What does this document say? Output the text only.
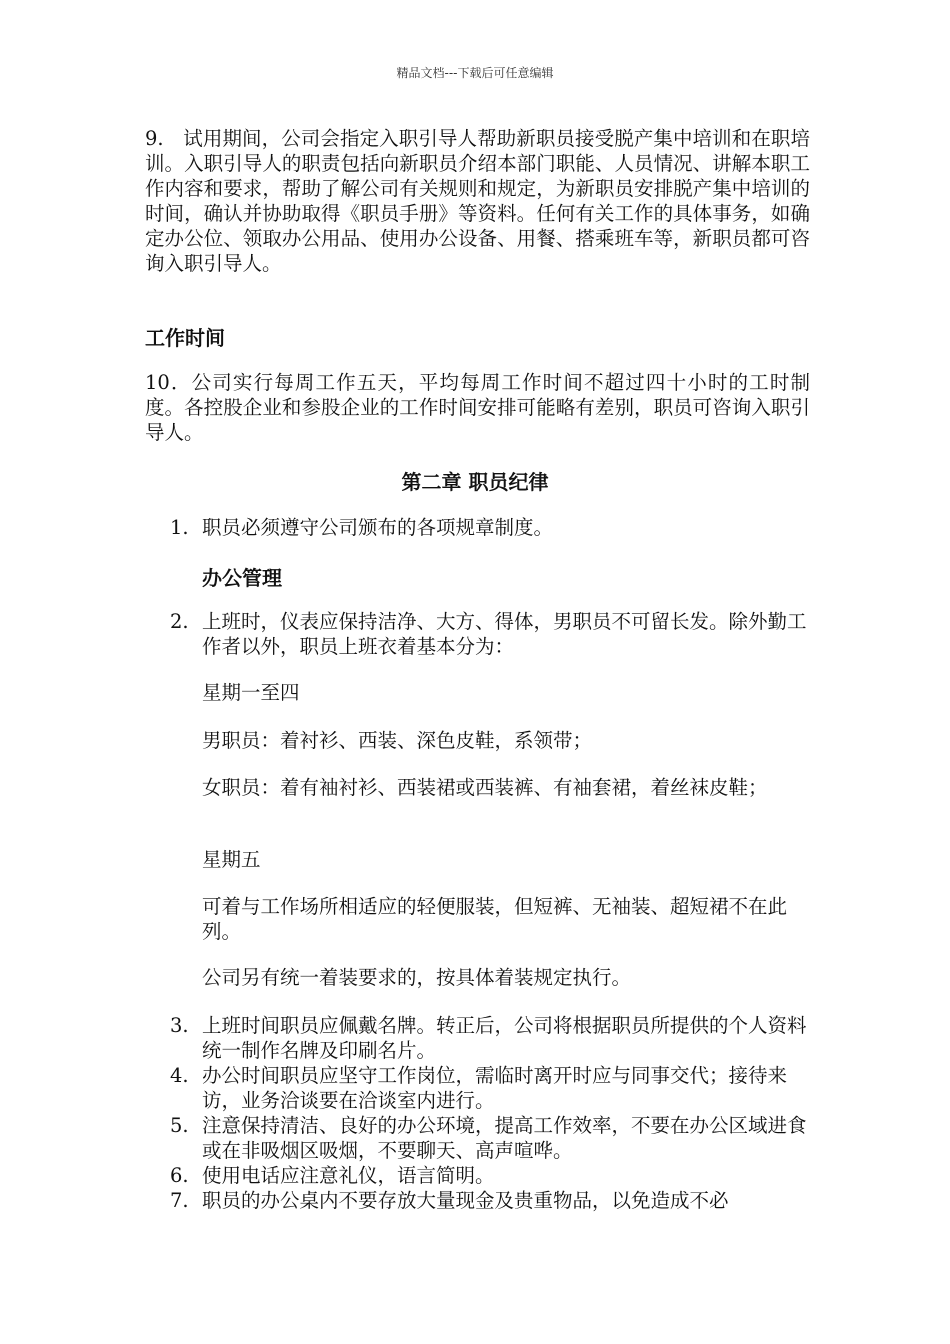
精品文档---下载后可任意编辑

9.　试用期间，公司会指定入职引导人帮助新职员接受脱产集中培训和在职培训。入职引导人的职责包括向新职员介绍本部门职能、人员情况、讲解本职工作内容和要求，帮助了解公司有关规则和规定，为新职员安排脱产集中培训的时间，确认并协助取得《职员手册》等资料。任何有关工作的具体事务，如确定办公位、领取办公用品、使用办公设备、用餐、搭乘班车等，新职员都可咨询入职引导人。

工作时间

10．公司实行每周工作五天，平均每周工作时间不超过四十小时的工时制度。各控股企业和参股企业的工作时间安排可能略有差别，职员可咨询入职引导人。

第二章 职员纪律
1. 职员必须遵守公司颁布的各项规章制度。
办公管理
2. 上班时，仪表应保持洁净、大方、得体，男职员不可留长发。除外勤工作者以外，职员上班衣着基本分为：

星期一至四

男职员：着衬衫、西装、深色皮鞋，系领带；

女职员：着有袖衬衫、西装裙或西装裤、有袖套裙，着丝袜皮鞋；

星期五

可着与工作场所相适应的轻便服装，但短裤、无袖装、超短裙不在此列。

公司另有统一着装要求的，按具体着装规定执行。

3. 上班时间职员应佩戴名牌。转正后，公司将根据职员所提供的个人资料统一制作名牌及印刷名片。
4. 办公时间职员应坚守工作岗位，需临时离开时应与同事交代；接待来访，业务洽谈要在洽谈室内进行。
5. 注意保持清洁、良好的办公环境，提高工作效率，不要在办公区域进食或在非吸烟区吸烟，不要聊天、高声喧哗。
6. 使用电话应注意礼仪，语言简明。
7. 职员的办公桌内不要存放大量现金及贵重物品，以免造成不必
